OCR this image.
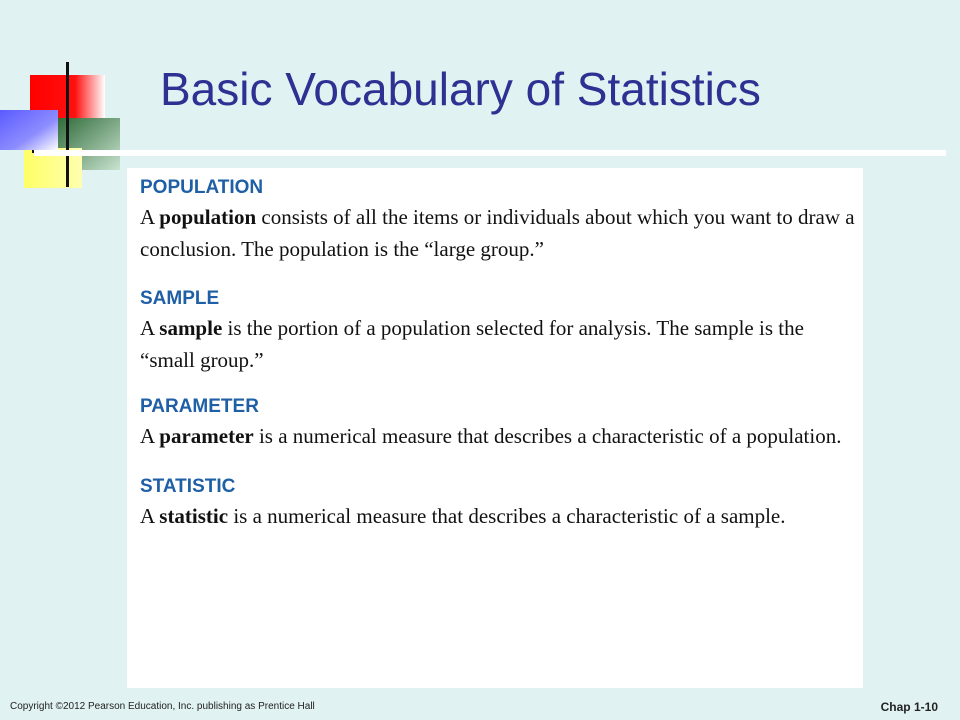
Basic Vocabulary of Statistics
POPULATION
A population consists of all the items or individuals about which you want to draw a conclusion. The population is the “large group.”
SAMPLE
A sample is the portion of a population selected for analysis. The sample is the “small group.”
PARAMETER
A parameter is a numerical measure that describes a characteristic of a population.
STATISTIC
A statistic is a numerical measure that describes a characteristic of a sample.
Copyright ©2012 Pearson Education, Inc. publishing as Prentice Hall	Chap 1-10
